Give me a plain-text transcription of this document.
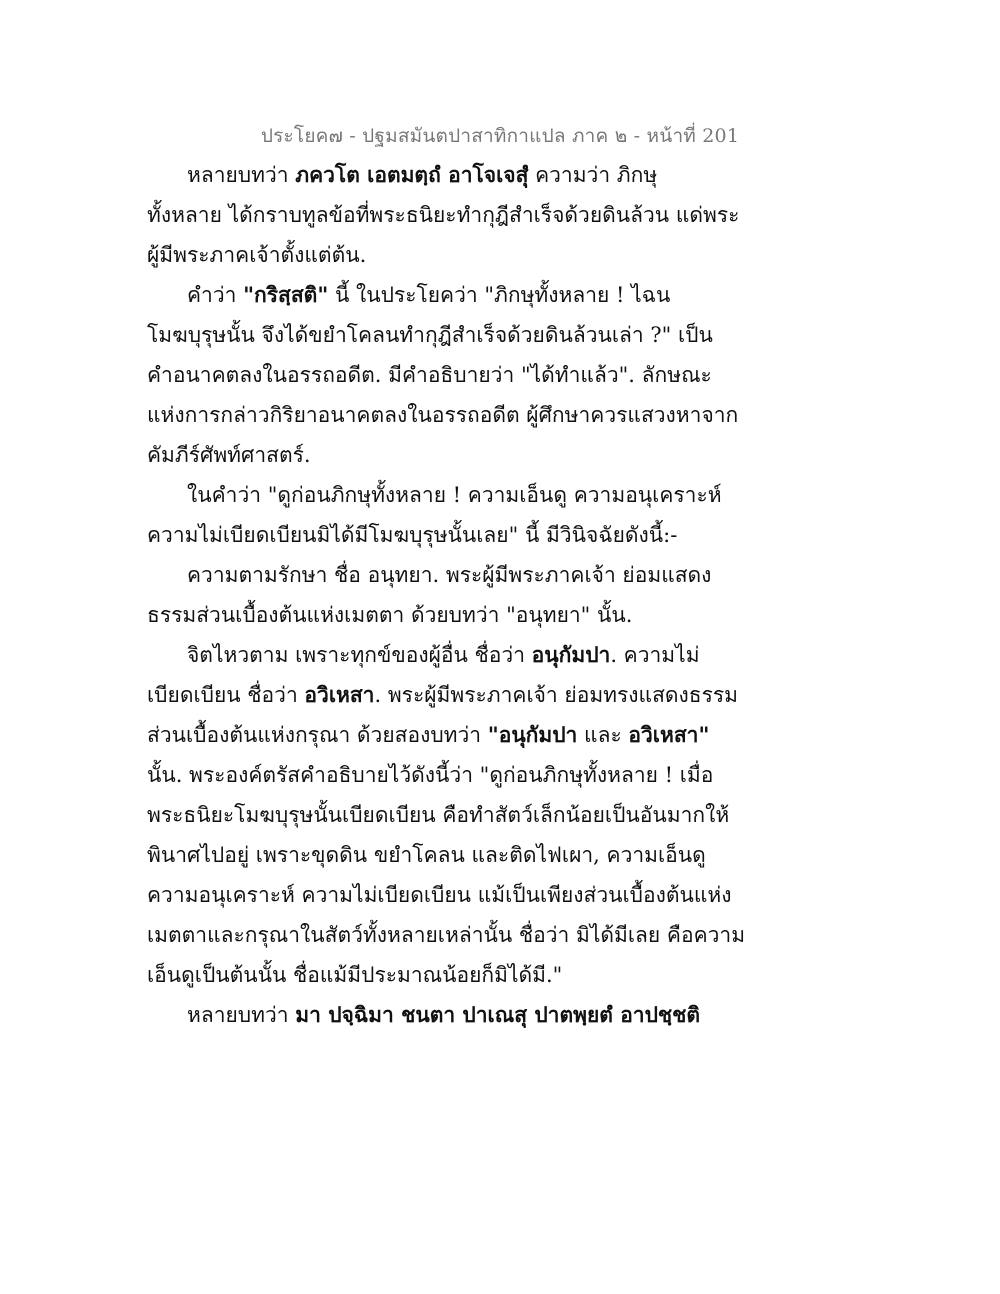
ประโยค๗ - ปฐมสมันตปาสาทิกาแปล ภาค ๒ - หน้าที่ 201
หลายบทว่า ภควโต เอตมตฺถํ อาโจเจสุํ ความว่า ภิกษุ
ทั้งหลาย ได้กราบทูลข้อที่พระธนิยะทำกุฎีสำเร็จด้วยดินล้วน แด่พระ
ผู้มีพระภาคเจ้าตั้งแต่ต้น.
คำว่า "กริสฺสติ" นี้ ในประโยคว่า "ภิกษุทั้งหลาย ! ไฉน
โมฆบุรุษนั้น จึงได้ขยำโคลนทำกุฎีสำเร็จด้วยดินล้วนเล่า ?" เป็น
คำอนาคตลงในอรรถอดีต. มีคำอธิบายว่า "ได้ทำแล้ว". ลักษณะ
แห่งการกล่าวกิริยาอนาคตลงในอรรถอดีต ผู้ศึกษาควรแสวงหาจาก
คัมภีร์ศัพท์ศาสตร์.
ในคำว่า "ดูก่อนภิกษุทั้งหลาย ! ความเอ็นดู ความอนุเคราะห์
ความไม่เบียดเบียนมิได้มีโมฆบุรุษนั้นเลย" นี้ มีวินิจฉัยดังนี้:-
ความตามรักษา ชื่อ อนุทยา. พระผู้มีพระภาคเจ้า ย่อมแสดง
ธรรมส่วนเบื้องต้นแห่งเมตตา ด้วยบทว่า "อนุทยา" นั้น.
จิตไหวตาม เพราะทุกข์ของผู้อื่น ชื่อว่า อนุกัมปา. ความไม่
เบียดเบียน ชื่อว่า อวิเหสา. พระผู้มีพระภาคเจ้า ย่อมทรงแสดงธรรม
ส่วนเบื้องต้นแห่งกรุณา ด้วยสองบทว่า "อนุกัมปา และ อวิเหสา"
นั้น. พระองค์ตรัสคำอธิบายไว้ดังนี้ว่า "ดูก่อนภิกษุทั้งหลาย ! เมื่อ
พระธนิยะโมฆบุรุษนั้นเบียดเบียน คือทำสัตว์เล็กน้อยเป็นอันมากให้
พินาศไปอยู่ เพราะขุดดิน ขยำโคลน และติดไฟเผา, ความเอ็นดู
ความอนุเคราะห์ ความไม่เบียดเบียน แม้เป็นเพียงส่วนเบื้องต้นแห่ง
เมตตาและกรุณาในสัตว์ทั้งหลายเหล่านั้น ชื่อว่า มิได้มีเลย คือความ
เอ็นดูเป็นต้นนั้น ชื่อแม้มีประมาณน้อยก็มิได้มี."
หลายบทว่า มา ปจฺฉิมา ชนตา ปาเณสุ ปาตพฺยตํ อาปชฺชติ
